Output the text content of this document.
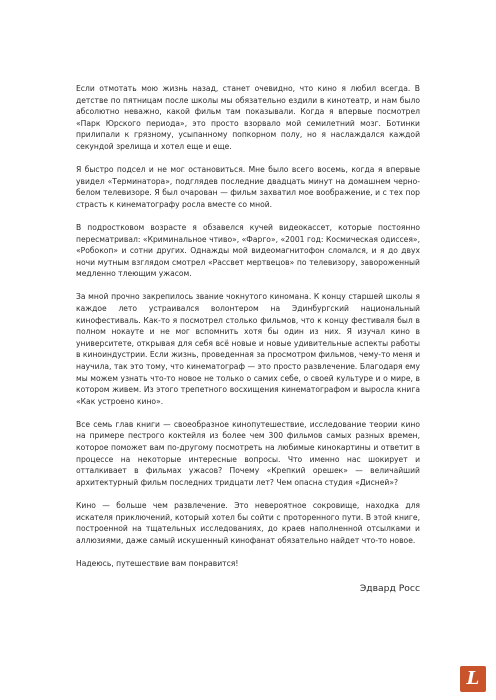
Если отмотать мою жизнь назад, станет очевидно, что кино я любил всегда. В детстве по пятницам после школы мы обязательно ездили в кинотеатр, и нам было абсолютно неважно, какой фильм там показывали. Когда я впервые посмотрел «Парк Юрского периода», это просто взорвало мой семилетний мозг. Ботинки прилипали к грязному, усыпанному попкорном полу, но я наслаждался каждой секундой зрелища и хотел еще и еще.

Я быстро подсел и не мог остановиться. Мне было всего восемь, когда я впервые увидел «Терминатора», подглядев последние двадцать минут на домашнем черно-белом телевизоре. Я был очарован — фильм захватил мое воображение, и с тех пор страсть к кинематографу росла вместе со мной.

В подростковом возрасте я обзавелся кучей видеокассет, которые постоянно пересматривал: «Криминальное чтиво», «Фарго», «2001 год: Космическая одиссея», «Робокоп» и сотни других. Однажды мой видеомагнитофон сломался, и я до двух ночи мутным взглядом смотрел «Рассвет мертвецов» по телевизору, завороженный медленно тлеющим ужасом.

За мной прочно закрепилось звание чокнутого киномана. К концу старшей школы я каждое лето устраивался волонтером на Эдинбургский национальный кинофестиваль. Как-то я посмотрел столько фильмов, что к концу фестиваля был в полном нокауте и не мог вспомнить хотя бы один из них. Я изучал кино в университете, открывая для себя всё новые и новые удивительные аспекты работы в киноиндустрии. Если жизнь, проведенная за просмотром фильмов, чему-то меня и научила, так это тому, что кинематограф — это просто развлечение. Благодаря ему мы можем узнать что-то новое не только о самих себе, о своей культуре и о мире, в котором живем. Из этого трепетного восхищения кинематографом и выросла книга «Как устроено кино».

Все семь глав книги — своеобразное кинопутешествие, исследование теории кино на примере пестрого коктейля из более чем 300 фильмов самых разных времен, которое поможет вам по-другому посмотреть на любимые кинокартины и ответит в процессе на некоторые интересные вопросы. Что именно нас шокирует и отталкивает в фильмах ужасов? Почему «Крепкий орешек» — величайший архитектурный фильм последних тридцати лет? Чем опасна студия «Дисней»?

Кино — больше чем развлечение. Это невероятное сокровище, находка для искателя приключений, который хотел бы сойти с проторенного пути. В этой книге, построенной на тщательных исследованиях, до краев наполненной отсылками и аллюзиями, даже самый искушенный кинофанат обязательно найдет что-то новое.

Надеюсь, путешествие вам понравится!

Эдвард Росс

L
